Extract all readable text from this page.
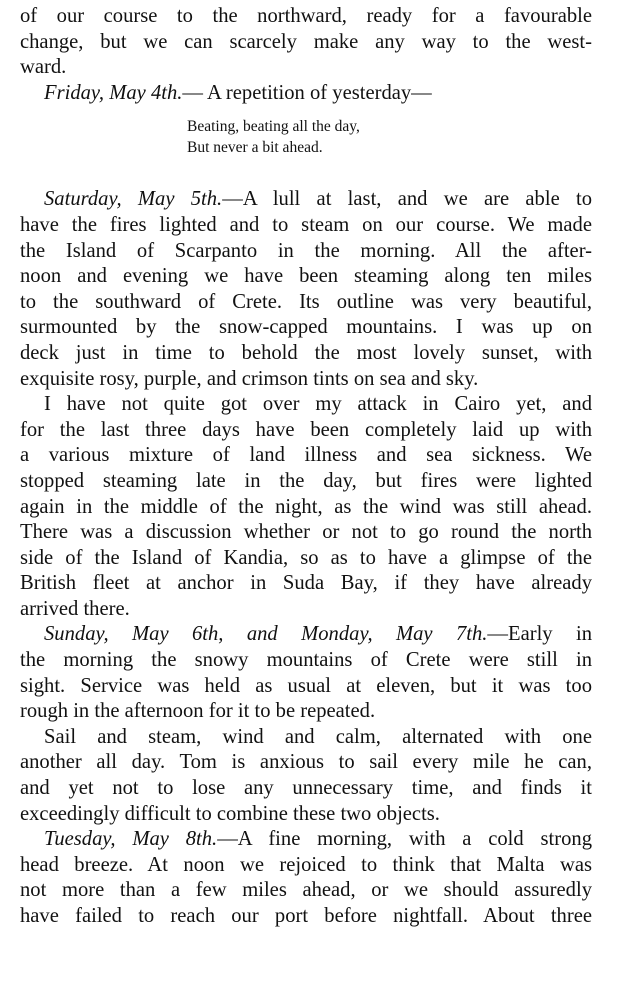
of our course to the northward, ready for a favourable
change, but we can scarcely make any way to the west-
ward.
Friday, May 4th.— A repetition of yesterday—
Beating, beating all the day,
But never a bit ahead.
Saturday, May 5th.—A lull at last, and we are able to
have the fires lighted and to steam on our course. We made
the Island of Scarpanto in the morning. All the after-
noon and evening we have been steaming along ten miles
to the southward of Crete. Its outline was very beautiful,
surmounted by the snow-capped mountains. I was up on
deck just in time to behold the most lovely sunset, with
exquisite rosy, purple, and crimson tints on sea and sky.
I have not quite got over my attack in Cairo yet, and
for the last three days have been completely laid up with
a various mixture of land illness and sea sickness. We
stopped steaming late in the day, but fires were lighted
again in the middle of the night, as the wind was still ahead.
There was a discussion whether or not to go round the north
side of the Island of Kandia, so as to have a glimpse of the
British fleet at anchor in Suda Bay, if they have already
arrived there.
Sunday, May 6th, and Monday, May 7th.—Early in
the morning the snowy mountains of Crete were still in
sight. Service was held as usual at eleven, but it was too
rough in the afternoon for it to be repeated.
Sail and steam, wind and calm, alternated with one
another all day. Tom is anxious to sail every mile he can,
and yet not to lose any unnecessary time, and finds it
exceedingly difficult to combine these two objects.
Tuesday, May 8th.—A fine morning, with a cold strong
head breeze. At noon we rejoiced to think that Malta was
not more than a few miles ahead, or we should assuredly
have failed to reach our port before nightfall. About three
